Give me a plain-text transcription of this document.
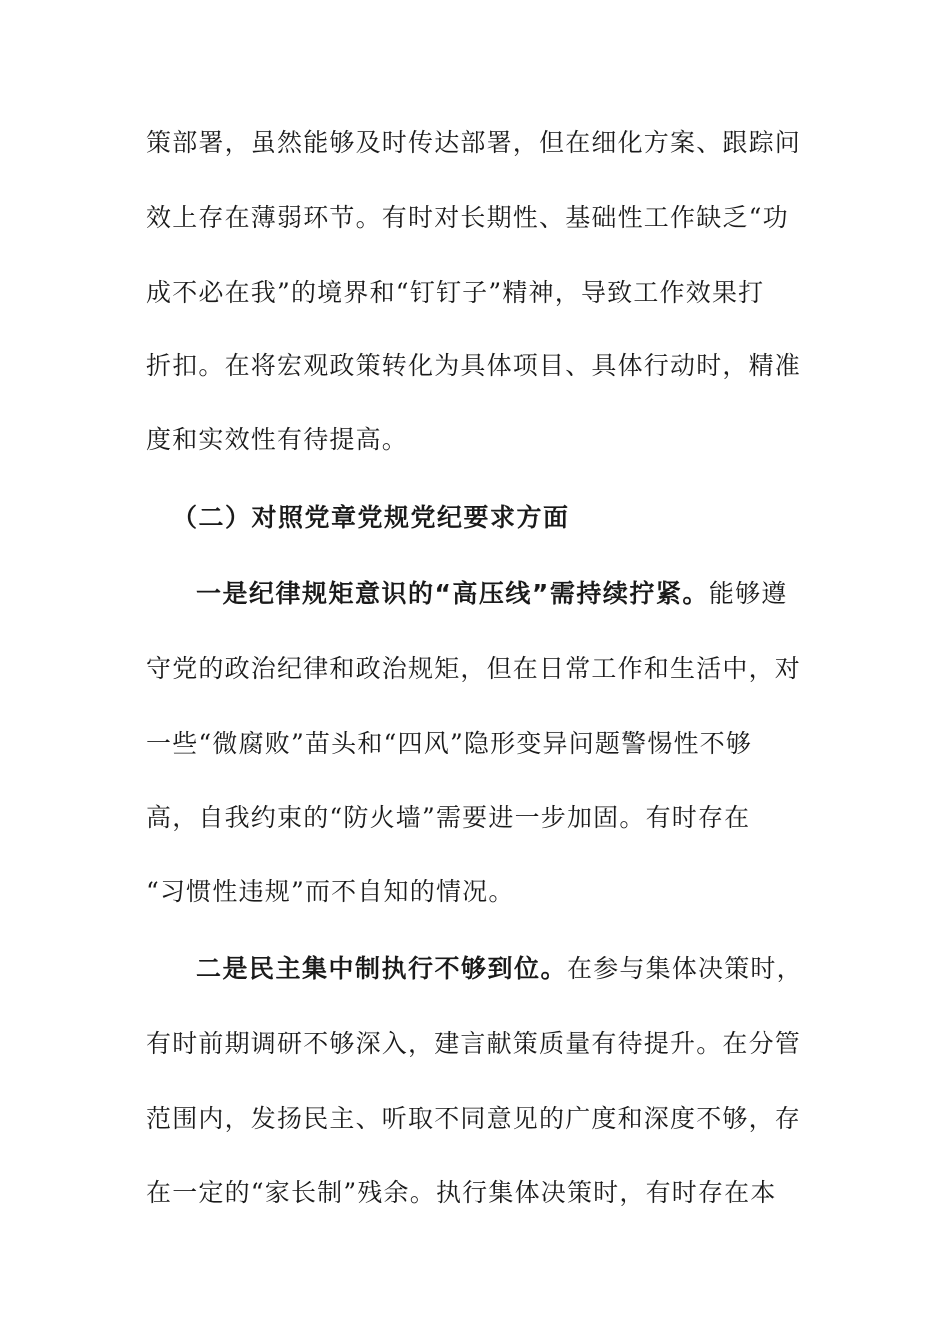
策部署，虽然能够及时传达部署，但在细化方案、跟踪问
效上存在薄弱环节。有时对长期性、基础性工作缺乏“功
成不必在我”的境界和“钉钉子”精神，导致工作效果打
折扣。在将宏观政策转化为具体项目、具体行动时，精准
度和实效性有待提高。
（二）对照党章党规党纪要求方面
一是纪律规矩意识的“高压线”需持续拧紧。能够遵
守党的政治纪律和政治规矩，但在日常工作和生活中，对
一些“微腐败”苗头和“四风”隐形变异问题警惕性不够
高，自我约束的“防火墙”需要进一步加固。有时存在
“习惯性违规”而不自知的情况。
二是民主集中制执行不够到位。在参与集体决策时，
有时前期调研不够深入，建言献策质量有待提升。在分管
范围内，发扬民主、听取不同意见的广度和深度不够，存
在一定的“家长制”残余。执行集体决策时，有时存在本
